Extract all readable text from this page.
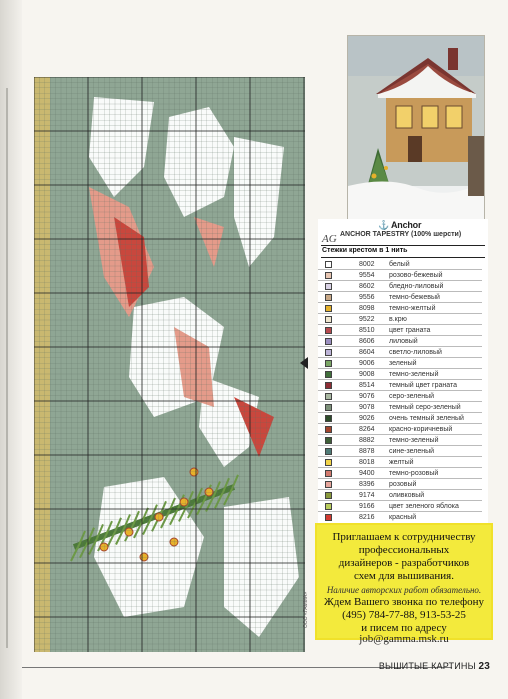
⚓ Anchor
ANCHOR TAPESTRY (100% шерсти)
AG
Стежки крестом в 1 нить
8002 белый
9554 розово-бежевый
8602 бледно-лиловый
9556 темно-бежевый
8098 темно-желтый
9522 в.крю
8510 цвет граната
8606 лиловый
8604 светло-лиловый
9006 зеленый
9008 темно-зеленый
8514 темный цвет граната
9076 серо-зеленый
9078 темный серо-зеленый
9026 очень темный зеленый
8264 красно-коричневый
8882 темно-зеленый
8878 сине-зеленый
8018 желтый
9400 темно-розовый
8396 розовый
9174 оливковый
9166 цвет зеленого яблока
8216 красный
Приглашаем к сотрудничеству
профессиональных
дизайнеров - разработчиков
схем для вышивания.
Наличие авторских работ обязательно.
Ждем Вашего звонка по телефону
(495) 784-77-88, 913-53-25
и писем по адресу
job@gamma.msk.ru
ООО «ГАММА»
ВЫШИТЫЕ КАРТИНЫ 23
